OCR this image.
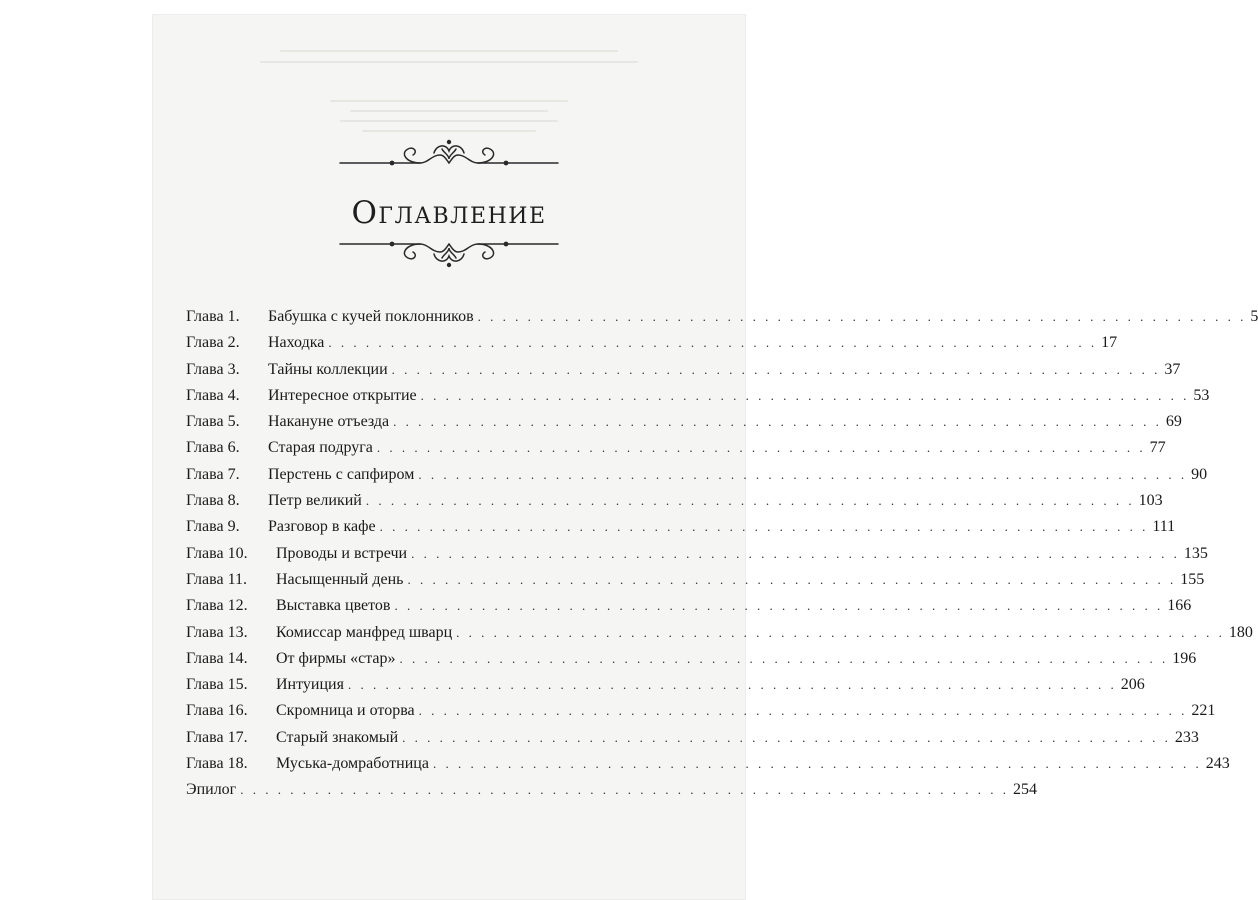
Оглавление
Глава 1.	Бабушка с кучей поклонников . . . . . . . . . . . . . . . . . . . . . . . . . . . . . . . . . . . . . . . . . . . . . . . . . . . . . . . . . . . . . . 5
Глава 2.	Находка . . . . . . . . . . . . . . . . . . . . . . . . . . . . . . . . . . . . . . . . . . . . . . . . . . . . . . . . . . . . . . 17
Глава 3.	Тайны коллекции . . . . . . . . . . . . . . . . . . . . . . . . . . . . . . . . . . . . . . . . . . . . . . . . . . . . . . . . . . . . . . 37
Глава 4.	Интересное открытие . . . . . . . . . . . . . . . . . . . . . . . . . . . . . . . . . . . . . . . . . . . . . . . . . . . . . . . . . . . . . . 53
Глава 5.	Накануне отъезда . . . . . . . . . . . . . . . . . . . . . . . . . . . . . . . . . . . . . . . . . . . . . . . . . . . . . . . . . . . . . . 69
Глава 6.	Старая подруга . . . . . . . . . . . . . . . . . . . . . . . . . . . . . . . . . . . . . . . . . . . . . . . . . . . . . . . . . . . . . . 77
Глава 7.	Перстень с сапфиром . . . . . . . . . . . . . . . . . . . . . . . . . . . . . . . . . . . . . . . . . . . . . . . . . . . . . . . . . . . . . . 90
Глава 8.	Петр великий . . . . . . . . . . . . . . . . . . . . . . . . . . . . . . . . . . . . . . . . . . . . . . . . . . . . . . . . . . . . . . 103
Глава 9.	Разговор в кафе . . . . . . . . . . . . . . . . . . . . . . . . . . . . . . . . . . . . . . . . . . . . . . . . . . . . . . . . . . . . . . 111
Глава 10.	Проводы и встречи . . . . . . . . . . . . . . . . . . . . . . . . . . . . . . . . . . . . . . . . . . . . . . . . . . . . . . . . . . . . . . 135
Глава 11.	Насыщенный день . . . . . . . . . . . . . . . . . . . . . . . . . . . . . . . . . . . . . . . . . . . . . . . . . . . . . . . . . . . . . . 155
Глава 12.	Выставка цветов . . . . . . . . . . . . . . . . . . . . . . . . . . . . . . . . . . . . . . . . . . . . . . . . . . . . . . . . . . . . . . 166
Глава 13.	Комиссар манфред шварц . . . . . . . . . . . . . . . . . . . . . . . . . . . . . . . . . . . . . . . . . . . . . . . . . . . . . . . . . . . . . . 180
Глава 14.	От фирмы «стар» . . . . . . . . . . . . . . . . . . . . . . . . . . . . . . . . . . . . . . . . . . . . . . . . . . . . . . . . . . . . . . 196
Глава 15.	Интуиция . . . . . . . . . . . . . . . . . . . . . . . . . . . . . . . . . . . . . . . . . . . . . . . . . . . . . . . . . . . . . . 206
Глава 16.	Скромница и оторва . . . . . . . . . . . . . . . . . . . . . . . . . . . . . . . . . . . . . . . . . . . . . . . . . . . . . . . . . . . . . . 221
Глава 17.	Старый знакомый . . . . . . . . . . . . . . . . . . . . . . . . . . . . . . . . . . . . . . . . . . . . . . . . . . . . . . . . . . . . . . 233
Глава 18.	Муська-домработница . . . . . . . . . . . . . . . . . . . . . . . . . . . . . . . . . . . . . . . . . . . . . . . . . . . . . . . . . . . . . . 243
Эпилог . . . . . . . . . . . . . . . . . . . . . . . . . . . . . . . . . . . . . . . . . . . . . . . . . . . . . . . . . . . . . . 254
